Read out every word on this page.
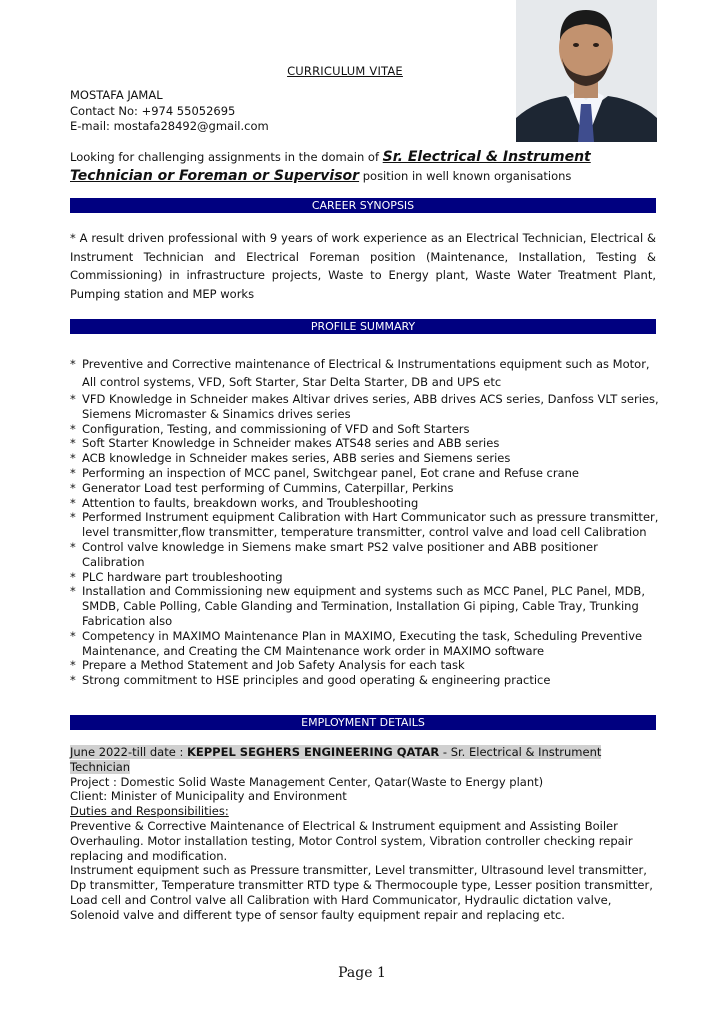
CURRICULUM VITAE
MOSTAFA JAMAL
Contact No: +974 55052695
E-mail: mostafa28492@gmail.com
Looking for challenging assignments in the domain of Sr. Electrical & Instrument Technician or Foreman or Supervisor position in well known organisations
CAREER SYNOPSIS
* A result driven professional with 9 years of work experience as an Electrical Technician, Electrical & Instrument Technician and Electrical Foreman position (Maintenance, Installation, Testing & Commissioning) in infrastructure projects, Waste to Energy plant, Waste Water Treatment Plant, Pumping station and MEP works
PROFILE SUMMARY
* Preventive and Corrective maintenance of Electrical & Instrumentations equipment such as Motor, All control systems, VFD, Soft Starter, Star Delta Starter, DB and UPS etc
* VFD Knowledge in Schneider makes Altivar drives series, ABB drives ACS series, Danfoss VLT series, Siemens Micromaster & Sinamics drives series
* Configuration, Testing, and commissioning of VFD and Soft Starters
* Soft Starter Knowledge in Schneider makes ATS48 series and ABB series
* ACB knowledge in Schneider makes series, ABB series and Siemens series
* Performing an inspection of MCC panel, Switchgear panel, Eot crane and Refuse crane
* Generator Load test performing of Cummins, Caterpillar, Perkins
* Attention to faults, breakdown works, and Troubleshooting
* Performed Instrument equipment Calibration with Hart Communicator such as pressure transmitter, level transmitter,flow transmitter, temperature transmitter, control valve and load cell Calibration
* Control valve knowledge in Siemens make smart PS2 valve positioner and ABB positioner Calibration
* PLC hardware part troubleshooting
* Installation and Commissioning new equipment and systems such as MCC Panel, PLC Panel, MDB, SMDB, Cable Polling, Cable Glanding and Termination, Installation Gi piping, Cable Tray, Trunking Fabrication also
* Competency in MAXIMO Maintenance Plan in MAXIMO, Executing the task, Scheduling Preventive Maintenance, and Creating the CM Maintenance work order in MAXIMO software
* Prepare a Method Statement and Job Safety Analysis for each task
* Strong commitment to HSE principles and good operating & engineering practice
EMPLOYMENT DETAILS
June 2022-till date : KEPPEL SEGHERS ENGINEERING QATAR - Sr. Electrical & Instrument Technician
Project : Domestic Solid Waste Management Center, Qatar(Waste to Energy plant)
Client: Minister of Municipality and Environment
Duties and Responsibilities:
Preventive & Corrective Maintenance of Electrical & Instrument equipment and Assisting Boiler Overhauling. Motor installation testing, Motor Control system, Vibration controller checking repair replacing and modification.
Instrument equipment such as Pressure transmitter, Level transmitter, Ultrasound level transmitter, Dp transmitter, Temperature transmitter RTD type & Thermocouple type, Lesser position transmitter, Load cell and Control valve all Calibration with Hard Communicator, Hydraulic dictation valve, Solenoid valve and different type of sensor faulty equipment repair and replacing etc.
Page 1
